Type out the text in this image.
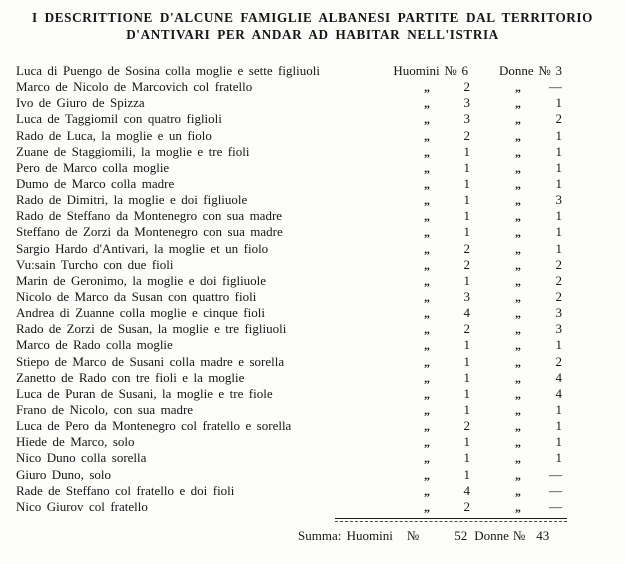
I DESCRITTIONE D'ALCUNE FAMIGLIE ALBANESI PARTITE DAL TERRITORIO
D'ANTIVARI PER ANDAR AD HABITAR NELL'ISTRIA
Luca di Puengo de Sosina colla moglie e sette figliuoli	Huomini № 6	Donne № 3
Marco de Nicolo de Marcovich col fratello	„	2	„	—
Ivo de Giuro de Spizza	„	3	„	1
Luca de Taggiomil con quatro figlioli	„	3	„	2
Rado de Luca, la moglie e un fiolo	„	2	„	1
Zuane de Staggiomili, la moglie e tre fioli	„	1	„	1
Pero de Marco colla moglie	„	1	„	1
Dumo de Marco colla madre	„	1	„	1
Rado de Dimitri, la moglie e doi figliuole	„	1	„	3
Rado de Steffano da Montenegro con sua madre	„	1	„	1
Steffano de Zorzi da Montenegro con sua madre	„	1	„	1
Sargio Hardo d'Antivari, la moglie et un fiolo	„	2	„	1
Vu:sain Turcho con due fioli	„	2	„	2
Marin de Geronimo, la moglie e doi figliuole	„	1	„	2
Nicolo de Marco da Susan con quattro fioli	„	3	„	2
Andrea di Zuanne colla moglie e cinque fioli	„	4	„	3
Rado de Zorzi de Susan, la moglie e tre figliuoli	„	2	„	3
Marco de Rado colla moglie	„	1	„	1
Stiepo de Marco de Susani colla madre e sorella	„	1	„	2
Zanetto de Rado con tre fioli e la moglie	„	1	„	4
Luca de Puran de Susani, la moglie e tre fiole	„	1	„	4
Frano de Nicolo, con sua madre	„	1	„	1
Luca de Pero da Montenegro col fratello e sorella	„	2	„	1
Hiede de Marco, solo	„	1	„	1
Nico Duno colla sorella	„	1	„	1
Giuro Duno, solo	„	1	„	—
Rade de Steffano col fratello e doi fioli	„	4	„	—
Nico Giurov col fratello	„	2	„	—
Summa: Huomini №	52 Donne № 43
